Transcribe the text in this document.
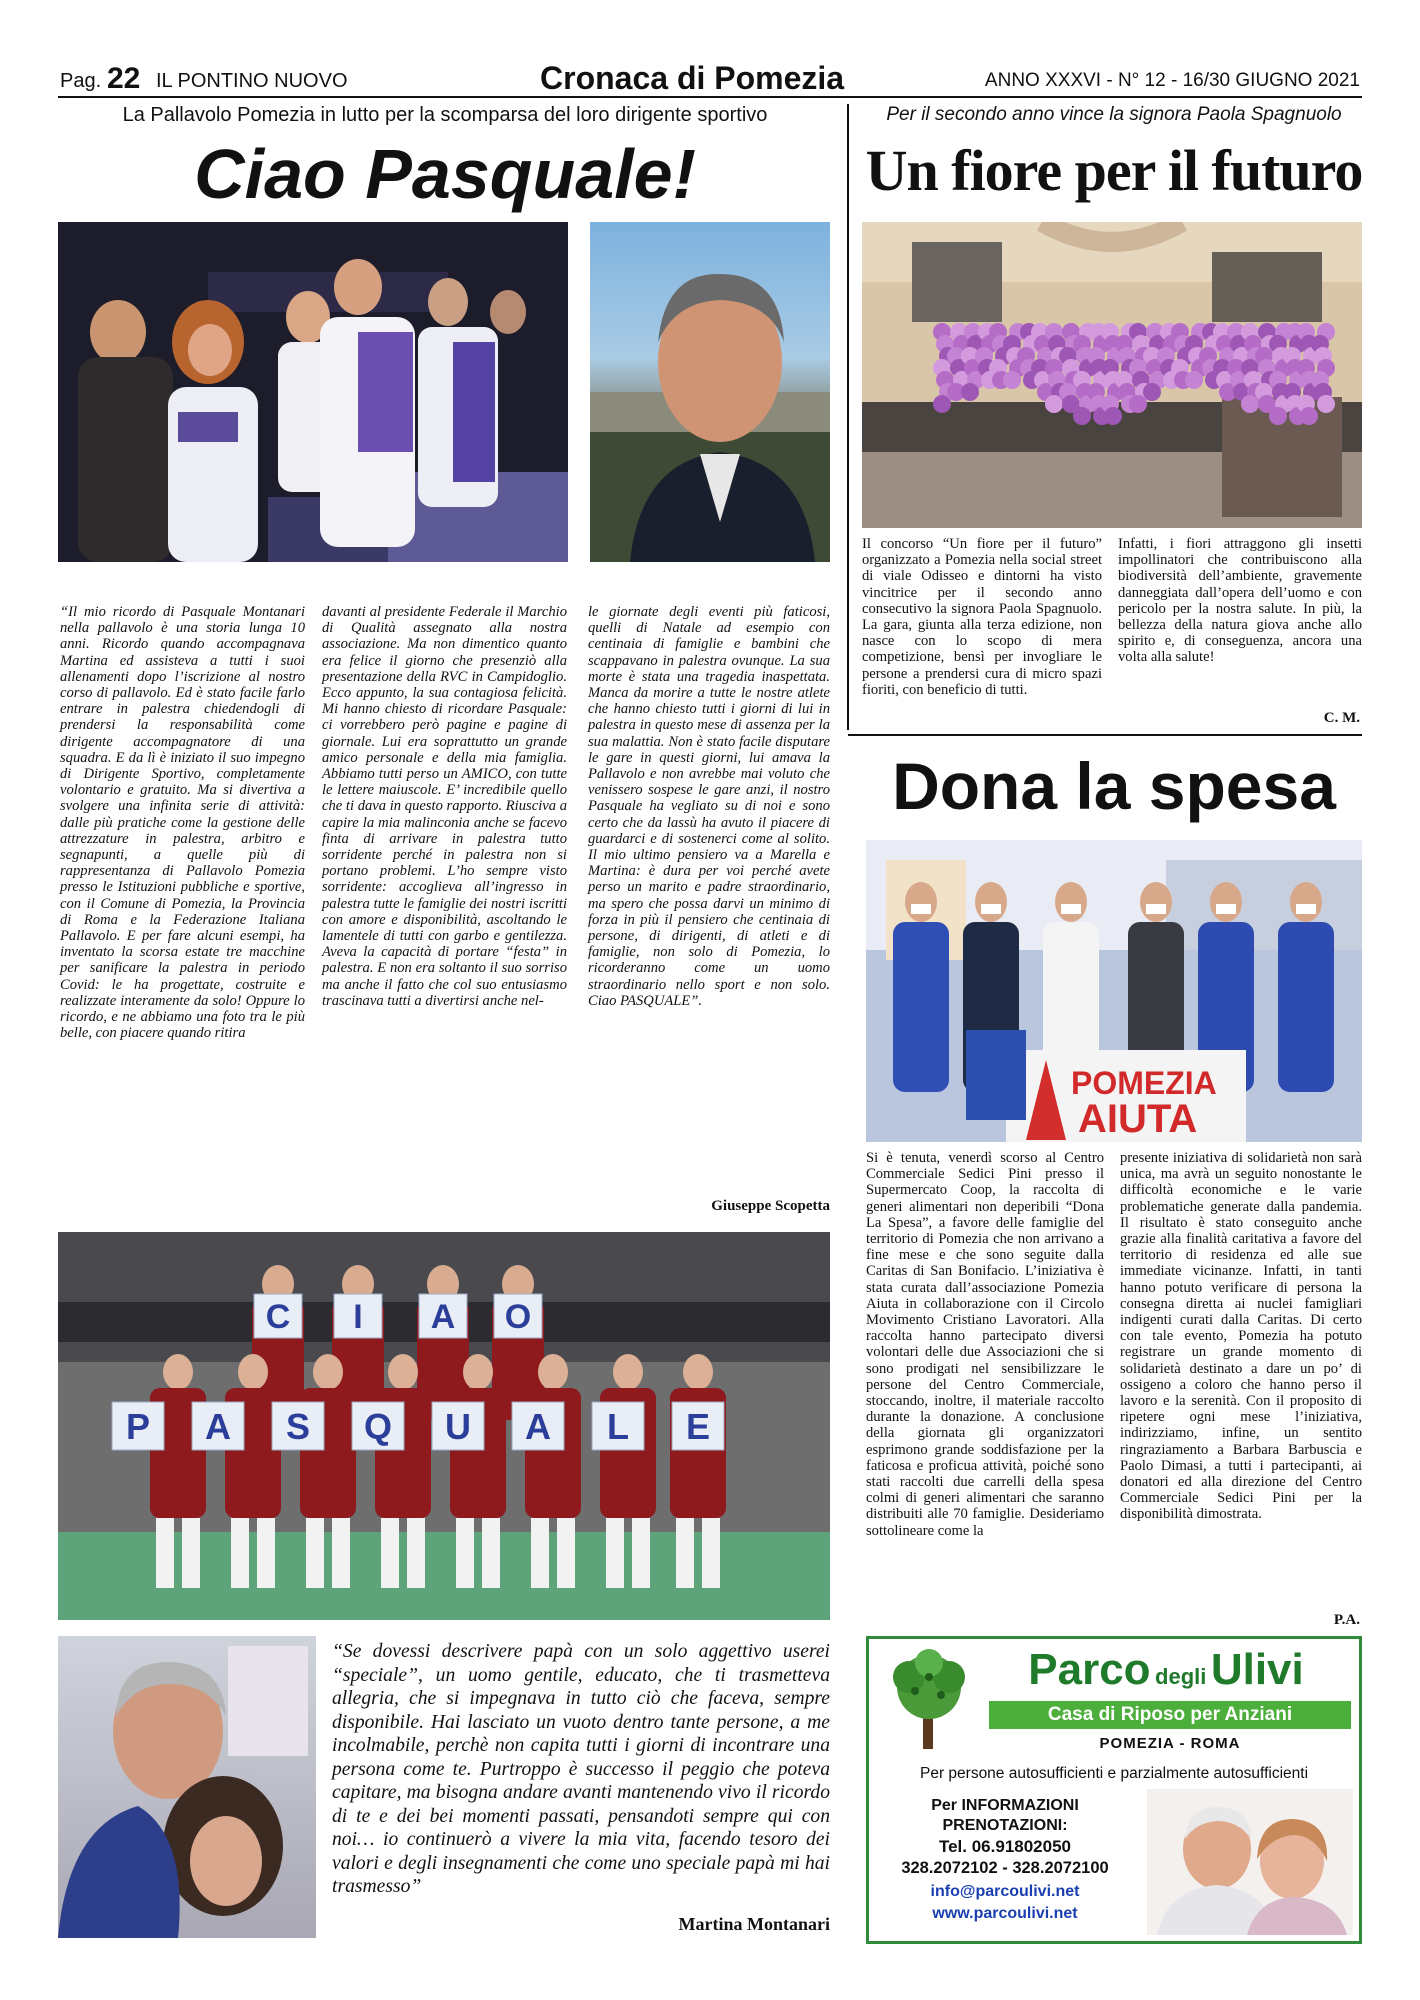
Pag. 22 IL PONTINO NUOVO	Cronaca di Pomezia	ANNO XXXVI - N° 12 - 16/30 GIUGNO 2021
La Pallavolo Pomezia in lutto per la scomparsa del loro dirigente sportivo
Ciao Pasquale!
“Il mio ricordo di Pasquale Montanari nella pallavolo è una storia lunga 10 anni. Ricordo quando accompagnava Martina ed assisteva a tutti i suoi allenamenti dopo l’iscrizione al nostro corso di pallavolo. Ed è stato facile farlo entrare in palestra chiedendogli di prendersi la responsabilità come dirigente accompagnatore di una squadra. E da lì è iniziato il suo impegno di Dirigente Sportivo, completamente volontario e gratuito. Ma si divertiva a svolgere una infinita serie di attività: dalle più pratiche come la gestione delle attrezzature in palestra, arbitro e segnapunti, a quelle più di rappresentanza di Pallavolo Pomezia presso le Istituzioni pubbliche e sportive, con il Comune di Pomezia, la Provincia di Roma e la Federazione Italiana Pallavolo. E per fare alcuni esempi, ha inventato la scorsa estate tre macchine per sanificare la palestra in periodo Covid: le ha progettate, costruite e realizzate interamente da solo! Oppure lo ricordo, e ne abbiamo una foto tra le più belle, con piacere quando ritira
davanti al presidente Federale il Marchio di Qualità assegnato alla nostra associazione. Ma non dimentico quanto era felice il giorno che presenziò alla presentazione della RVC in Campidoglio. Ecco appunto, la sua contagiosa felicità. Mi hanno chiesto di ricordare Pasquale: ci vorrebbero però pagine e pagine di giornale. Lui era soprattutto un grande amico personale e della mia famiglia. Abbiamo tutti perso un AMICO, con tutte le lettere maiuscole. E’ incredibile quello che ti dava in questo rapporto. Riusciva a capire la mia malinconia anche se facevo finta di arrivare in palestra tutto sorridente perché in palestra non si portano problemi. L’ho sempre visto sorridente: accoglieva all’ingresso in palestra tutte le famiglie dei nostri iscritti con amore e disponibilità, ascoltando le lamentele di tutti con garbo e gentilezza. Aveva la capacità di portare “festa” in palestra. E non era soltanto il suo sorriso ma anche il fatto che col suo entusiasmo trascinava tutti a divertirsi anche nel-
le giornate degli eventi più faticosi, quelli di Natale ad esempio con centinaia di famiglie e bambini che scappavano in palestra ovunque. La sua morte è stata una tragedia inaspettata. Manca da morire a tutte le nostre atlete che hanno chiesto tutti i giorni di lui in palestra in questo mese di assenza per la sua malattia. Non è stato facile disputare le gare in questi giorni, lui amava la Pallavolo e non avrebbe mai voluto che venissero sospese le gare anzi, il nostro Pasquale ha vegliato su di noi e sono certo che da lassù ha avuto il piacere di guardarci e di sostenerci come al solito. Il mio ultimo pensiero va a Marella e Martina: è dura per voi perché avete perso un marito e padre straordinario, ma spero che possa darvi un minimo di forza in più il pensiero che centinaia di persone, di dirigenti, di atleti e di famiglie, non solo di Pomezia, lo ricorderanno come un uomo straordinario nello sport e non solo. Ciao PASQUALE”.
Giuseppe Scopetta
C I A O
P A S Q U A L E
“Se dovessi descrivere papà con un solo aggettivo userei “speciale”, un uomo gentile, educato, che ti trasmetteva allegria, che si impegnava in tutto ciò che faceva, sempre disponibile. Hai lasciato un vuoto dentro tante persone, a me incolmabile, perchè non capita tutti i giorni di incontrare una persona come te. Purtroppo è successo il peggio che poteva capitare, ma bisogna andare avanti mantenendo vivo il ricordo di te e dei bei momenti passati, pensandoti sempre qui con noi… io continuerò a vivere la mia vita, facendo tesoro dei valori e degli insegnamenti che come uno speciale papà mi hai trasmesso”
Martina Montanari
Per il secondo anno vince la signora Paola Spagnuolo
Un fiore per il futuro
Il concorso “Un fiore per il futuro” organizzato a Pomezia nella social street di viale Odisseo e dintorni ha visto vincitrice per il secondo anno consecutivo la signora Paola Spagnuolo. La gara, giunta alla terza edizione, non nasce con lo scopo di mera competizione, bensì per invogliare le persone a prendersi cura di micro spazi fioriti, con beneficio di tutti.
Infatti, i fiori attraggono gli insetti impollinatori che contribuiscono alla biodiversità dell’ambiente, gravemente danneggiata dall’opera dell’uomo e con pericolo per la nostra salute. In più, la bellezza della natura giova anche allo spirito e, di conseguenza, ancora una volta alla salute!
C. M.
Dona la spesa
POMEZIA
AIUTA
Si è tenuta, venerdì scorso al Centro Commerciale Sedici Pini presso il Supermercato Coop, la raccolta di generi alimentari non deperibili “Dona La Spesa”, a favore delle famiglie del territorio di Pomezia che non arrivano a fine mese e che sono seguite dalla Caritas di San Bonifacio. L’iniziativa è stata curata dall’associazione Pomezia Aiuta in collaborazione con il Circolo Movimento Cristiano Lavoratori. Alla raccolta hanno partecipato diversi volontari delle due Associazioni che si sono prodigati nel sensibilizzare le persone del Centro Commerciale, stoccando, inoltre, il materiale raccolto durante la donazione. A conclusione della giornata gli organizzatori esprimono grande soddisfazione per la faticosa e proficua attività, poiché sono stati raccolti due carrelli della spesa colmi di generi alimentari che saranno distribuiti alle 70 famiglie. Desideriamo sottolineare come la
presente iniziativa di solidarietà non sarà unica, ma avrà un seguito nonostante le difficoltà economiche e le varie problematiche generate dalla pandemia. Il risultato è stato conseguito anche grazie alla finalità caritativa a favore del territorio di residenza ed alle sue immediate vicinanze. Infatti, in tanti hanno potuto verificare di persona la consegna diretta ai nuclei famigliari indigenti curati dalla Caritas. Di certo con tale evento, Pomezia ha potuto registrare un grande momento di solidarietà destinato a dare un po’ di ossigeno a coloro che hanno perso il lavoro e la serenità. Con il proposito di ripetere ogni mese l’iniziativa, indirizziamo, infine, un sentito ringraziamento a Barbara Barbuscia e Paolo Dimasi, a tutti i partecipanti, ai donatori ed alla direzione del Centro Commerciale Sedici Pini per la disponibilità dimostrata.
P.A.
Parco degli Ulivi
Casa di Riposo per Anziani
POMEZIA - ROMA
Per persone autosufficienti e parzialmente autosufficienti
Per INFORMAZIONI
PRENOTAZIONI:
Tel. 06.91802050
328.2072102 - 328.2072100
info@parcoulivi.net
www.parcoulivi.net
